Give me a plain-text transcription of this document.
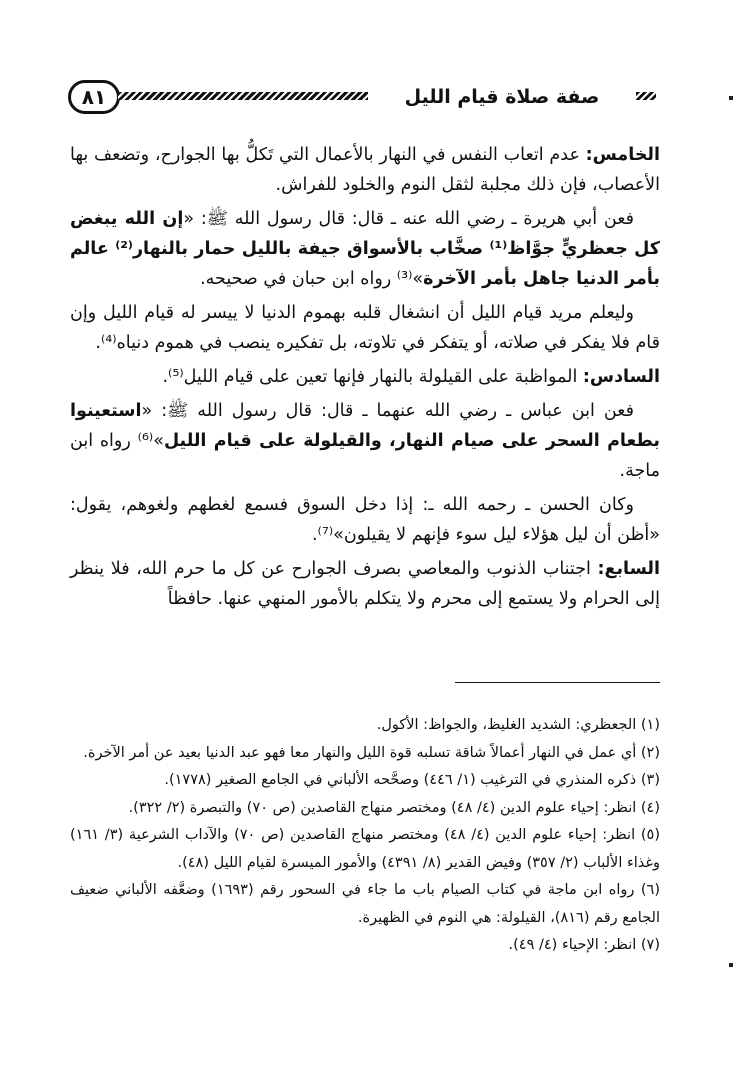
٨١	صفة صلاة قيام الليل

الخامس: عدم اتعاب النفس في النهار بالأعمال التي تَكلُّ بها الجوارح، وتضعف بها الأعصاب، فإن ذلك مجلبة لثقل النوم والخلود للفراش.

فعن أبي هريرة ـ رضي الله عنه ـ قال: قال رسول الله ﷺ: «إن الله يبغض كل جعظريٍّ جوَّاظ⁽¹⁾ صخَّاب بالأسواق جيفة بالليل حمار بالنهار⁽²⁾ عالم بأمر الدنيا جاهل بأمر الآخرة»⁽³⁾ رواه ابن حبان في صحيحه.

وليعلم مريد قيام الليل أن انشغال قلبه بهموم الدنيا لا ييسر له قيام الليل وإن قام فلا يفكر في صلاته، أو يتفكر في تلاوته، بل تفكيره ينصب في هموم دنياه⁽⁴⁾.

السادس: المواظبة على القيلولة بالنهار فإنها تعين على قيام الليل⁽⁵⁾.

فعن ابن عباس ـ رضي الله عنهما ـ قال: قال رسول الله ﷺ: «استعينوا بطعام السحر على صيام النهار، والقيلولة على قيام الليل»⁽⁶⁾ رواه ابن ماجة.

وكان الحسن ـ رحمه الله ـ: إذا دخل السوق فسمع لغطهم ولغوهم، يقول: «أظن أن ليل هؤلاء ليل سوء فإنهم لا يقيلون»⁽⁷⁾.

السابع: اجتناب الذنوب والمعاصي بصرف الجوارح عن كل ما حرم الله، فلا ينظر إلى الحرام ولا يستمع إلى محرم ولا يتكلم بالأمور المنهي عنها. حافظاً

(١) الجعظري: الشديد الغليظ، والجواظ: الأكول.

(٢) أي عمل في النهار أعمالاً شاقة تسلبه قوة الليل والنهار معا فهو عبد الدنيا بعيد عن أمر الآخرة.

(٣) ذكره المنذري في الترغيب (١/ ٤٤٦) وصحَّحه الألباني في الجامع الصغير (١٧٧٨).

(٤) انظر: إحياء علوم الدين (٤/ ٤٨) ومختصر منهاج القاصدين (ص ٧٠) والتبصرة (٢/ ٣٢٢).

(٥) انظر: إحياء علوم الدين (٤/ ٤٨) ومختصر منهاج القاصدين (ص ٧٠) والآداب الشرعية (٣/ ١٦١) وغذاء الألباب (٢/ ٣٥٧) وفيض القدير (٨/ ٤٣٩١) والأمور الميسرة لقيام الليل (٤٨).

(٦) رواه ابن ماجة في كتاب الصيام باب ما جاء في السحور رقم (١٦٩٣) وضعَّفه الألباني ضعيف الجامع رقم (٨١٦)، القيلولة: هي النوم في الظهيرة.

(٧) انظر: الإحياء (٤/ ٤٩).
